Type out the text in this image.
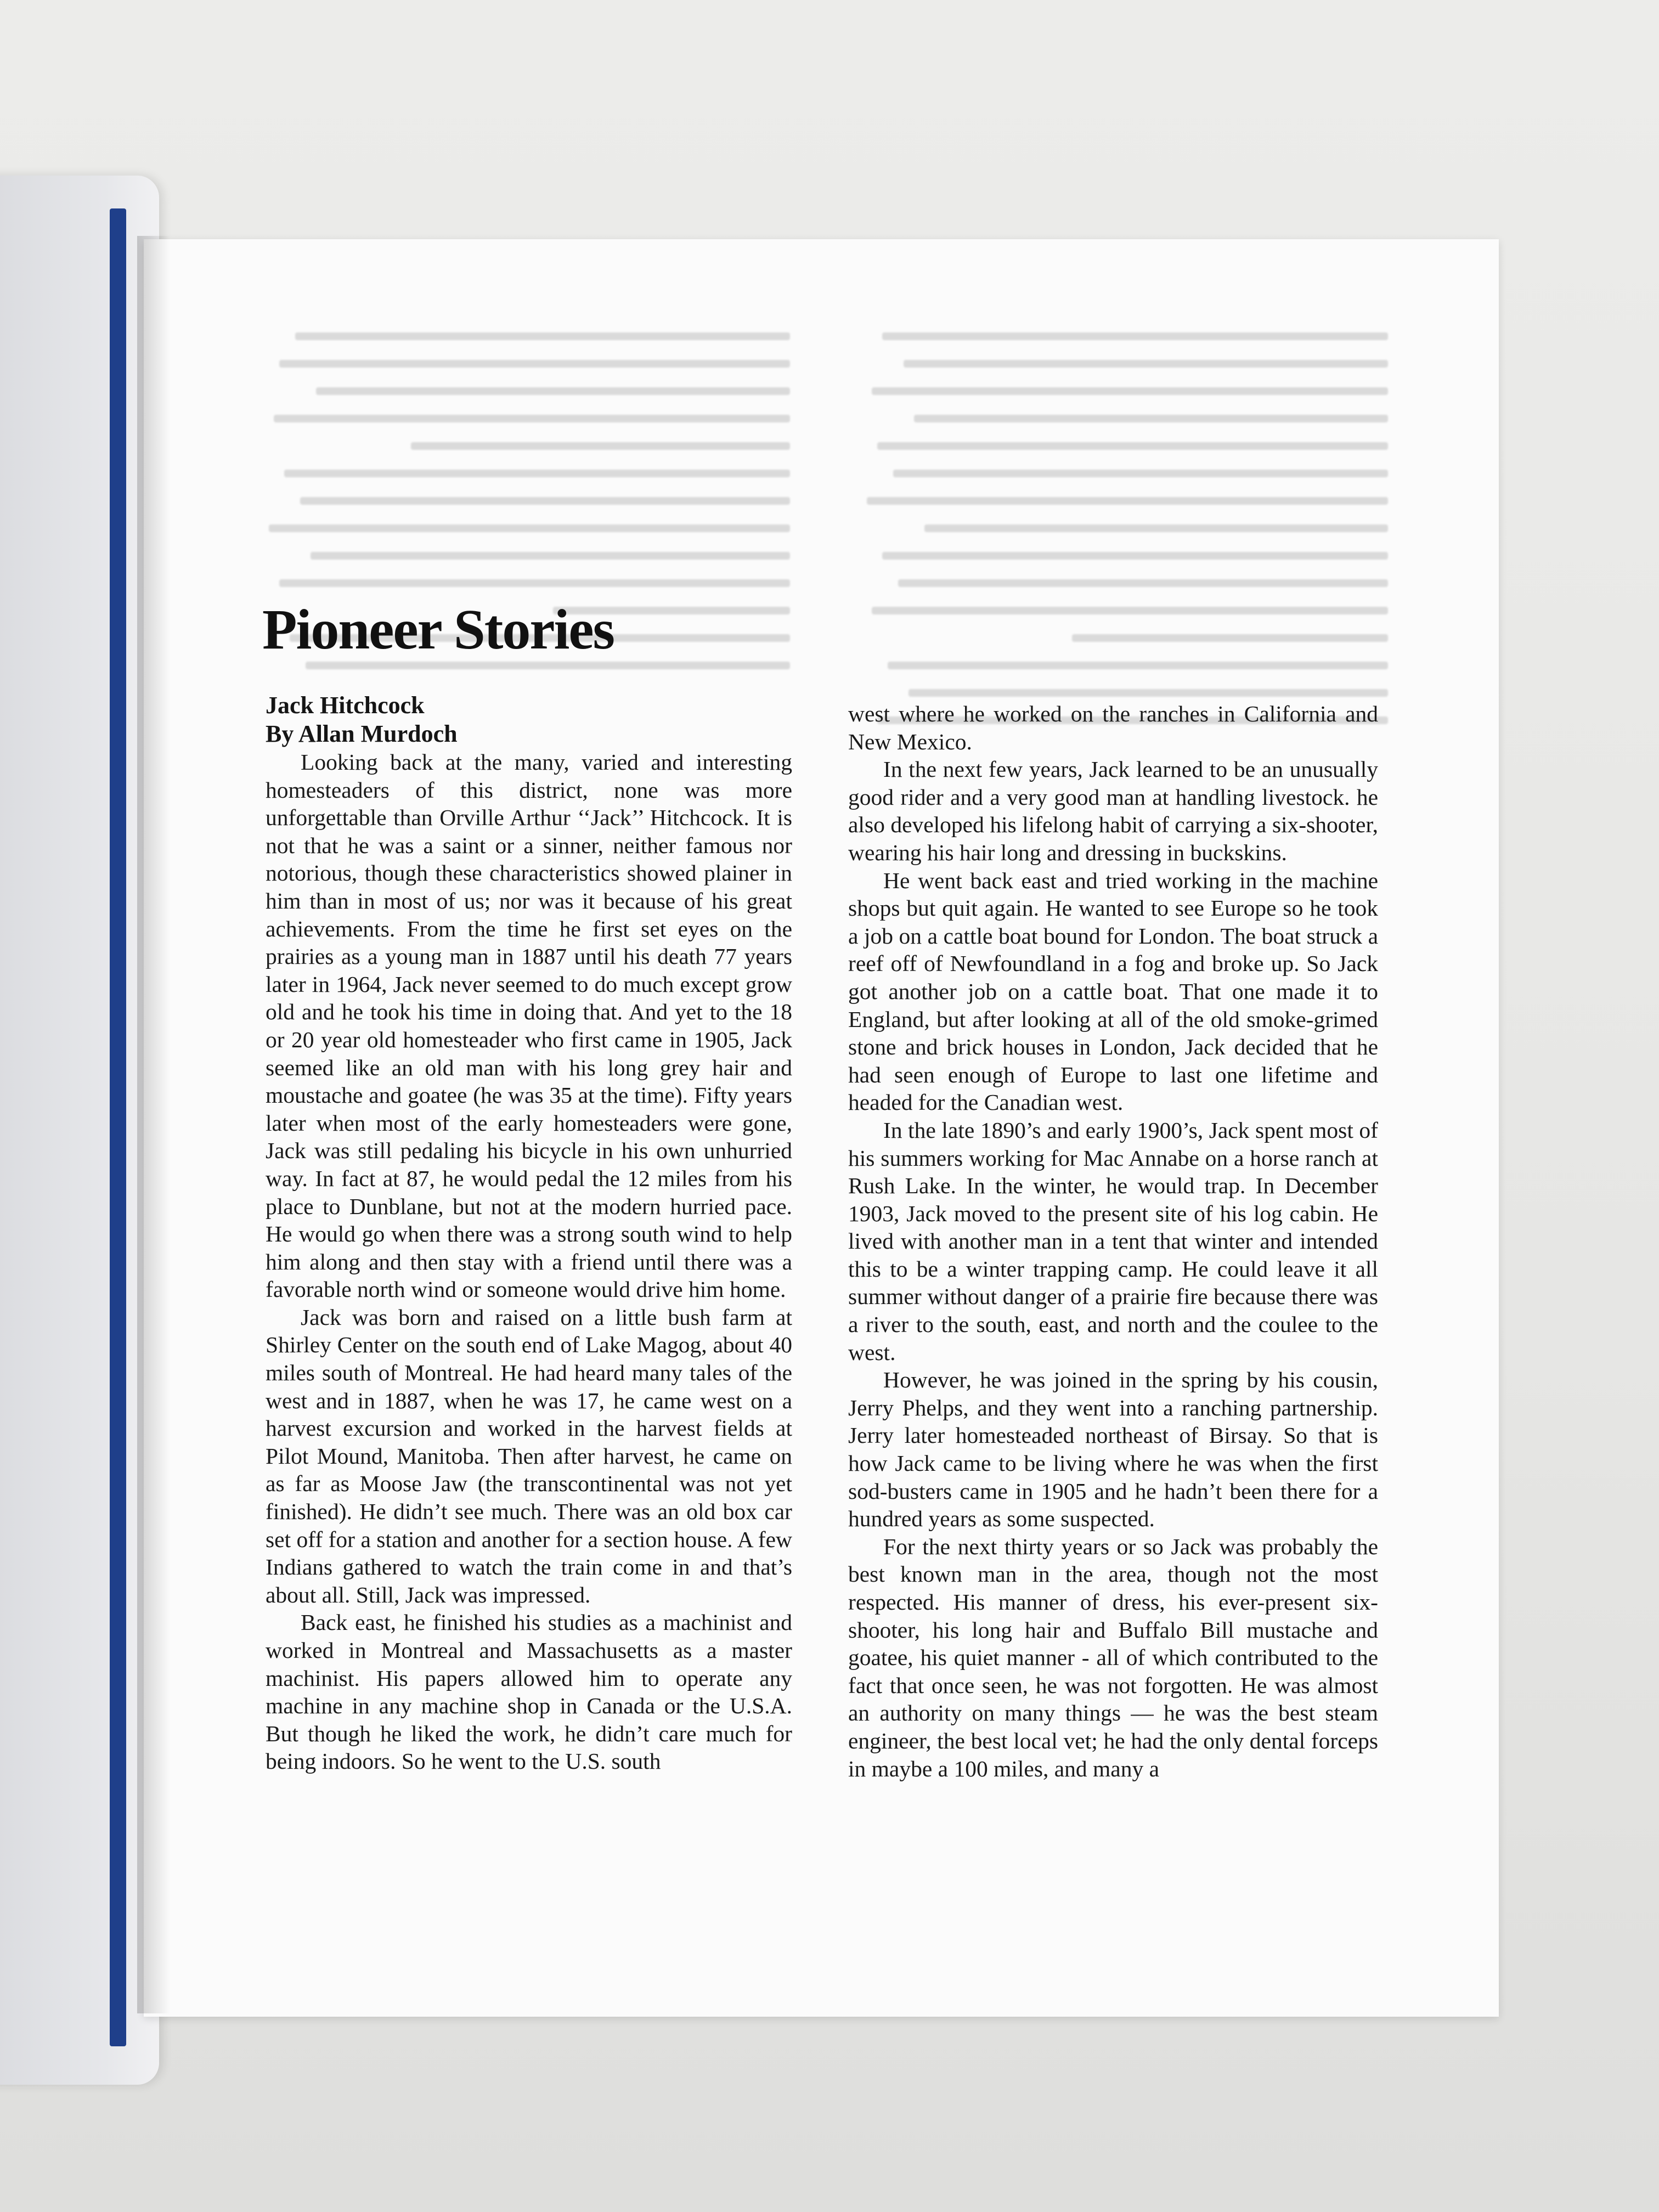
Pioneer Stories
Jack Hitchcock
By Allan Murdoch

Looking back at the many, varied and interesting homesteaders of this district, none was more unforgettable than Orville Arthur ‘‘Jack’’ Hitchcock. It is not that he was a saint or a sinner, neither famous nor notorious, though these characteristics showed plainer in him than in most of us; nor was it because of his great achievements. From the time he first set eyes on the prairies as a young man in 1887 until his death 77 years later in 1964, Jack never seemed to do much except grow old and he took his time in doing that. And yet to the 18 or 20 year old homesteader who first came in 1905, Jack seemed like an old man with his long grey hair and moustache and goatee (he was 35 at the time). Fifty years later when most of the early homesteaders were gone, Jack was still pedaling his bicycle in his own unhurried way. In fact at 87, he would pedal the 12 miles from his place to Dunblane, but not at the modern hurried pace. He would go when there was a strong south wind to help him along and then stay with a friend until there was a favorable north wind or someone would drive him home.

Jack was born and raised on a little bush farm at Shirley Center on the south end of Lake Magog, about 40 miles south of Montreal. He had heard many tales of the west and in 1887, when he was 17, he came west on a harvest excursion and worked in the harvest fields at Pilot Mound, Manitoba. Then after harvest, he came on as far as Moose Jaw (the transcontinental was not yet finished). He didn’t see much. There was an old box car set off for a station and another for a section house. A few Indians gathered to watch the train come in and that’s about all. Still, Jack was impressed.

Back east, he finished his studies as a machinist and worked in Montreal and Massachusetts as a master machinist. His papers allowed him to operate any machine in any machine shop in Canada or the U.S.A. But though he liked the work, he didn’t care much for being indoors. So he went to the U.S. south

west where he worked on the ranches in California and New Mexico.

In the next few years, Jack learned to be an unusually good rider and a very good man at handling livestock. he also developed his lifelong habit of carrying a six-shooter, wearing his hair long and dressing in buckskins.

He went back east and tried working in the machine shops but quit again. He wanted to see Europe so he took a job on a cattle boat bound for London. The boat struck a reef off of Newfoundland in a fog and broke up. So Jack got another job on a cattle boat. That one made it to England, but after looking at all of the old smoke-grimed stone and brick houses in London, Jack decided that he had seen enough of Europe to last one lifetime and headed for the Canadian west.

In the late 1890’s and early 1900’s, Jack spent most of his summers working for Mac Annabe on a horse ranch at Rush Lake. In the winter, he would trap. In December 1903, Jack moved to the present site of his log cabin. He lived with another man in a tent that winter and intended this to be a winter trapping camp. He could leave it all summer without danger of a prairie fire because there was a river to the south, east, and north and the coulee to the west.

However, he was joined in the spring by his cousin, Jerry Phelps, and they went into a ranching partnership. Jerry later homesteaded northeast of Birsay. So that is how Jack came to be living where he was when the first sod-busters came in 1905 and he hadn’t been there for a hundred years as some suspected.

For the next thirty years or so Jack was probably the best known man in the area, though not the most respected. His manner of dress, his ever-present six-shooter, his long hair and Buffalo Bill mustache and goatee, his quiet manner - all of which contributed to the fact that once seen, he was not forgotten. He was almost an authority on many things — he was the best steam engineer, the best local vet; he had the only dental forceps in maybe a 100 miles, and many a
